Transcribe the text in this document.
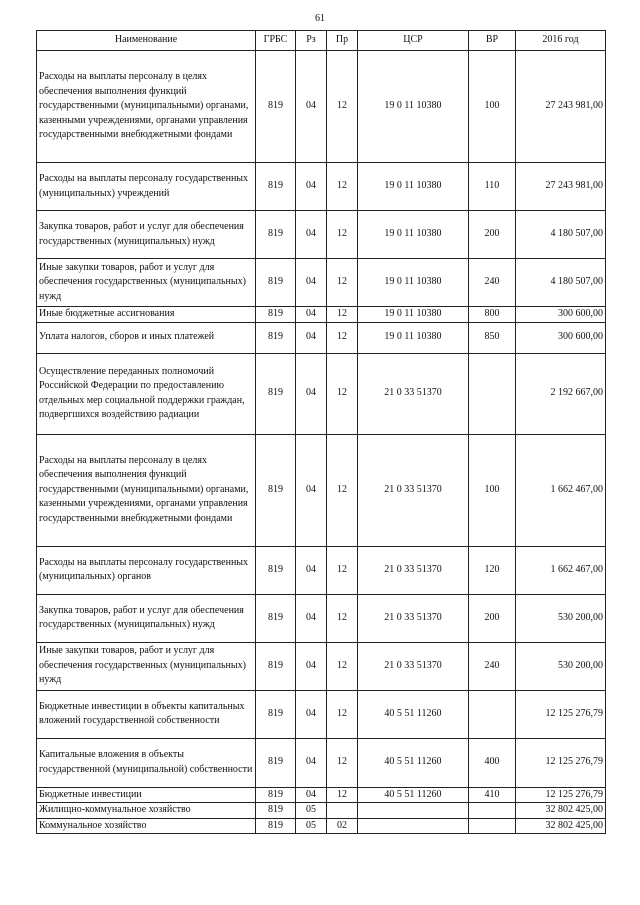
61
Наименование	ГРБС	Рз	Пр	ЦСР	ВР	2016 год
Расходы на выплаты персоналу в целях обеспечения выполнения функций государственными (муниципальными) органами, казенными учреждениями, органами управления государственными внебюджетными фондами	819	04	12	19 0 11 10380	100	27 243 981,00
Расходы на выплаты персоналу государственных (муниципальных) учреждений	819	04	12	19 0 11 10380	110	27 243 981,00
Закупка товаров, работ и услуг для обеспечения государственных (муниципальных) нужд	819	04	12	19 0 11 10380	200	4 180 507,00
Иные закупки товаров, работ и услуг для обеспечения государственных (муниципальных) нужд	819	04	12	19 0 11 10380	240	4 180 507,00
Иные бюджетные ассигнования	819	04	12	19 0 11 10380	800	300 600,00
Уплата налогов, сборов и иных платежей	819	04	12	19 0 11 10380	850	300 600,00
Осуществление переданных полномочий Российской Федерации по предоставлению отдельных мер социальной поддержки граждан, подвергшихся воздействию радиации	819	04	12	21 0 33 51370		2 192 667,00
Расходы на выплаты персоналу в целях обеспечения выполнения функций государственными (муниципальными) органами, казенными учреждениями, органами управления государственными внебюджетными фондами	819	04	12	21 0 33 51370	100	1 662 467,00
Расходы на выплаты персоналу государственных (муниципальных) органов	819	04	12	21 0 33 51370	120	1 662 467,00
Закупка товаров, работ и услуг для обеспечения государственных (муниципальных) нужд	819	04	12	21 0 33 51370	200	530 200,00
Иные закупки товаров, работ и услуг для обеспечения государственных (муниципальных) нужд	819	04	12	21 0 33 51370	240	530 200,00
Бюджетные инвестиции в объекты капитальных вложений государственной собственности	819	04	12	40 5 51 11260		12 125 276,79
Капитальные вложения в объекты государственной (муниципальной) собственности	819	04	12	40 5 51 11260	400	12 125 276,79
Бюджетные инвестиции	819	04	12	40 5 51 11260	410	12 125 276,79
Жилищно-коммунальное хозяйство	819	05				32 802 425,00
Коммунальное хозяйство	819	05	02			32 802 425,00
